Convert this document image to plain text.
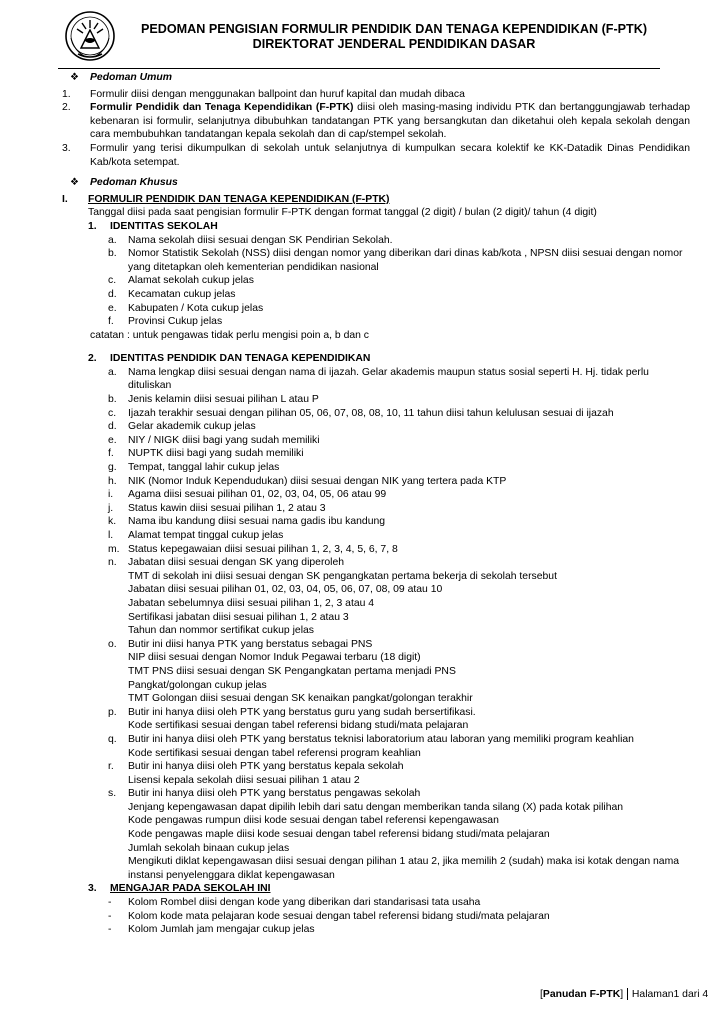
PEDOMAN PENGISIAN FORMULIR PENDIDIK DAN TENAGA KEPENDIDIKAN (F-PTK)
DIREKTORAT JENDERAL PENDIDIKAN DASAR
❖ Pedoman Umum
1. Formulir diisi dengan menggunakan ballpoint dan huruf kapital dan mudah dibaca
2. Formulir Pendidik dan Tenaga Kependidikan (F-PTK) diisi oleh masing-masing individu PTK dan bertanggungjawab terhadap kebenaran isi formulir, selanjutnya dibubuhkan tandatangan PTK yang bersangkutan dan diketahui oleh kepala sekolah dengan cara membubuhkan tandatangan kepala sekolah dan di cap/stempel sekolah.
3. Formulir yang terisi dikumpulkan di sekolah untuk selanjutnya di kumpulkan secara kolektif ke KK-Datadik Dinas Pendidikan Kab/kota setempat.
❖ Pedoman Khusus
I. FORMULIR PENDIDIK DAN TENAGA KEPENDIDIKAN (F-PTK)
Tanggal diisi pada saat pengisian formulir F-PTK dengan format tanggal (2 digit) / bulan (2 digit)/ tahun (4 digit)
1. IDENTITAS SEKOLAH
a. Nama sekolah diisi sesuai dengan SK Pendirian Sekolah.
b. Nomor Statistik Sekolah (NSS) diisi dengan nomor yang diberikan dari dinas kab/kota , NPSN diisi sesuai dengan nomor yang ditetapkan oleh kementerian pendidikan nasional
c. Alamat sekolah cukup jelas
d. Kecamatan cukup jelas
e. Kabupaten / Kota cukup jelas
f. Provinsi Cukup jelas
catatan : untuk pengawas tidak perlu mengisi poin a, b dan c
2. IDENTITAS PENDIDIK DAN TENAGA KEPENDIDIKAN
a. Nama lengkap diisi sesuai dengan nama di ijazah. Gelar akademis maupun status sosial seperti H. Hj. tidak perlu dituliskan
b. Jenis kelamin diisi sesuai pilihan L atau P
c. Ijazah terakhir sesuai dengan pilihan 05, 06, 07, 08, 08, 10, 11 tahun diisi tahun kelulusan sesuai di ijazah
d. Gelar akademik cukup jelas
e. NIY / NIGK diisi bagi yang sudah memiliki
f. NUPTK diisi bagi yang sudah memiliki
g. Tempat, tanggal lahir cukup jelas
h. NIK (Nomor Induk Kependudukan) diisi sesuai dengan NIK yang tertera pada KTP
i. Agama diisi sesuai pilihan 01, 02, 03, 04, 05, 06 atau 99
j. Status kawin diisi sesuai pilihan 1, 2 atau 3
k. Nama ibu kandung diisi sesuai nama gadis ibu kandung
l. Alamat tempat tinggal cukup jelas
m. Status kepegawaian diisi sesuai pilihan 1, 2, 3, 4, 5, 6, 7, 8
n. Jabatan diisi sesuai dengan SK yang diperoleh
TMT di sekolah ini diisi sesuai dengan SK pengangkatan pertama bekerja di sekolah tersebut
Jabatan diisi sesuai pilihan 01, 02, 03, 04, 05, 06, 07, 08, 09 atau 10
Jabatan sebelumnya diisi sesuai pilihan 1, 2, 3 atau 4
Sertifikasi jabatan diisi sesuai pilihan 1, 2 atau 3
Tahun dan nommor sertifikat cukup jelas
o. Butir ini diisi hanya PTK yang berstatus sebagai PNS
NIP diisi sesuai dengan Nomor Induk Pegawai terbaru (18 digit)
TMT PNS diisi sesuai dengan SK Pengangkatan pertama menjadi PNS
Pangkat/golongan cukup jelas
TMT Golongan diisi sesuai dengan SK kenaikan pangkat/golongan terakhir
p. Butir ini hanya diisi oleh PTK yang berstatus guru yang sudah bersertifikasi.
Kode sertifikasi sesuai dengan tabel referensi bidang studi/mata pelajaran
q. Butir ini hanya diisi oleh PTK yang berstatus teknisi laboratorium atau laboran yang memiliki program keahlian
Kode sertifikasi sesuai dengan tabel referensi program keahlian
r. Butir ini hanya diisi oleh PTK yang berstatus kepala sekolah
Lisensi kepala sekolah diisi sesuai pilihan 1 atau 2
s. Butir ini hanya diisi oleh PTK yang berstatus pengawas sekolah
Jenjang kepengawasan dapat dipilih lebih dari satu dengan memberikan tanda silang (X) pada kotak pilihan
Kode pengawas rumpun diisi kode sesuai dengan tabel referensi kepengawasan
Kode pengawas maple diisi kode sesuai dengan tabel referensi bidang studi/mata pelajaran
Jumlah sekolah binaan cukup jelas
Mengikuti diklat kepengawasan diisi sesuai dengan pilihan 1 atau 2, jika memilih 2 (sudah) maka isi kotak dengan nama instansi penyelenggara diklat kepengawasan
3. MENGAJAR PADA SEKOLAH INI
- Kolom Rombel diisi dengan kode yang diberikan dari standarisasi tata usaha
- Kolom kode mata pelajaran kode sesuai dengan tabel referensi bidang studi/mata pelajaran
- Kolom Jumlah jam mengajar cukup jelas
[Panudan F-PTK] Halaman1 dari 4
